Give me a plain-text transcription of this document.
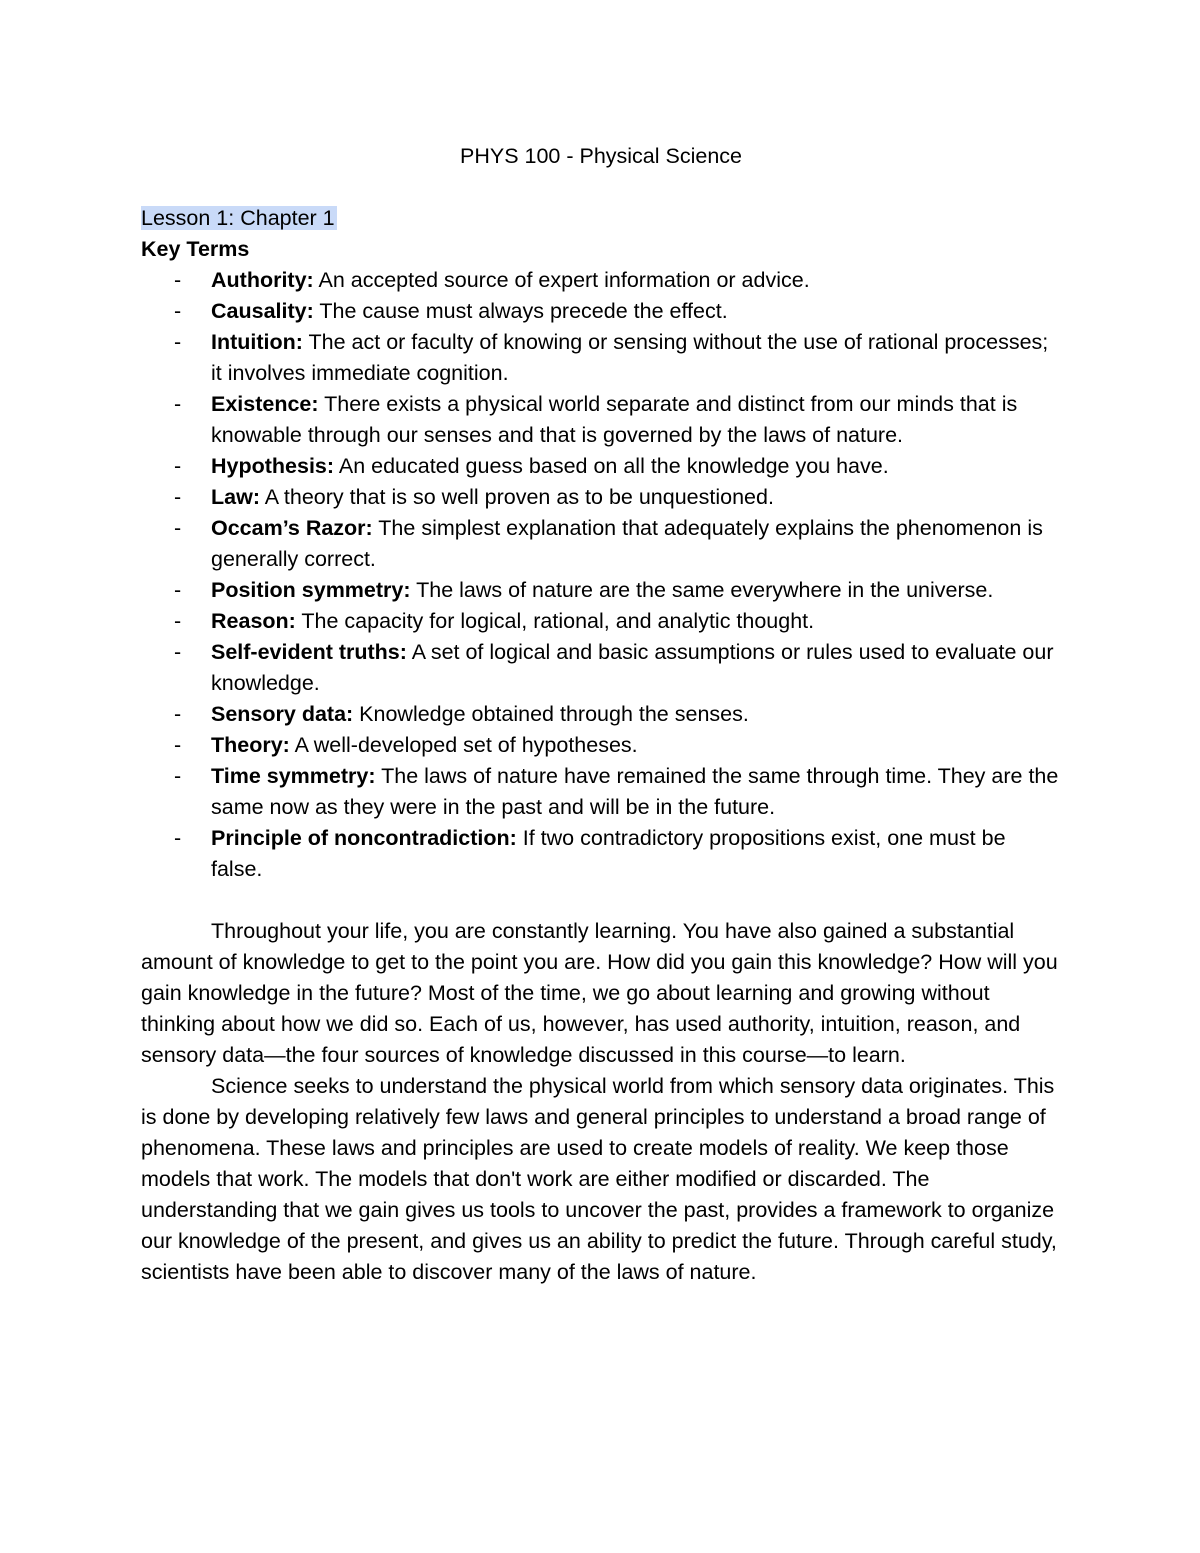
PHYS 100 - Physical Science
Lesson 1: Chapter 1
Key Terms
- Authority: An accepted source of expert information or advice.
- Causality: The cause must always precede the effect.
- Intuition: The act or faculty of knowing or sensing without the use of rational processes; it involves immediate cognition.
- Existence: There exists a physical world separate and distinct from our minds that is knowable through our senses and that is governed by the laws of nature.
- Hypothesis: An educated guess based on all the knowledge you have.
- Law: A theory that is so well proven as to be unquestioned.
- Occam’s Razor: The simplest explanation that adequately explains the phenomenon is generally correct.
- Position symmetry: The laws of nature are the same everywhere in the universe.
- Reason: The capacity for logical, rational, and analytic thought.
- Self-evident truths: A set of logical and basic assumptions or rules used to evaluate our knowledge.
- Sensory data: Knowledge obtained through the senses.
- Theory: A well-developed set of hypotheses.
- Time symmetry: The laws of nature have remained the same through time. They are the same now as they were in the past and will be in the future.
- Principle of noncontradiction: If two contradictory propositions exist, one must be false.

Throughout your life, you are constantly learning. You have also gained a substantial amount of knowledge to get to the point you are. How did you gain this knowledge? How will you gain knowledge in the future? Most of the time, we go about learning and growing without thinking about how we did so. Each of us, however, has used authority, intuition, reason, and sensory data—the four sources of knowledge discussed in this course—to learn.

Science seeks to understand the physical world from which sensory data originates. This is done by developing relatively few laws and general principles to understand a broad range of phenomena. These laws and principles are used to create models of reality. We keep those models that work. The models that don't work are either modified or discarded. The understanding that we gain gives us tools to uncover the past, provides a framework to organize our knowledge of the present, and gives us an ability to predict the future. Through careful study, scientists have been able to discover many of the laws of nature.
